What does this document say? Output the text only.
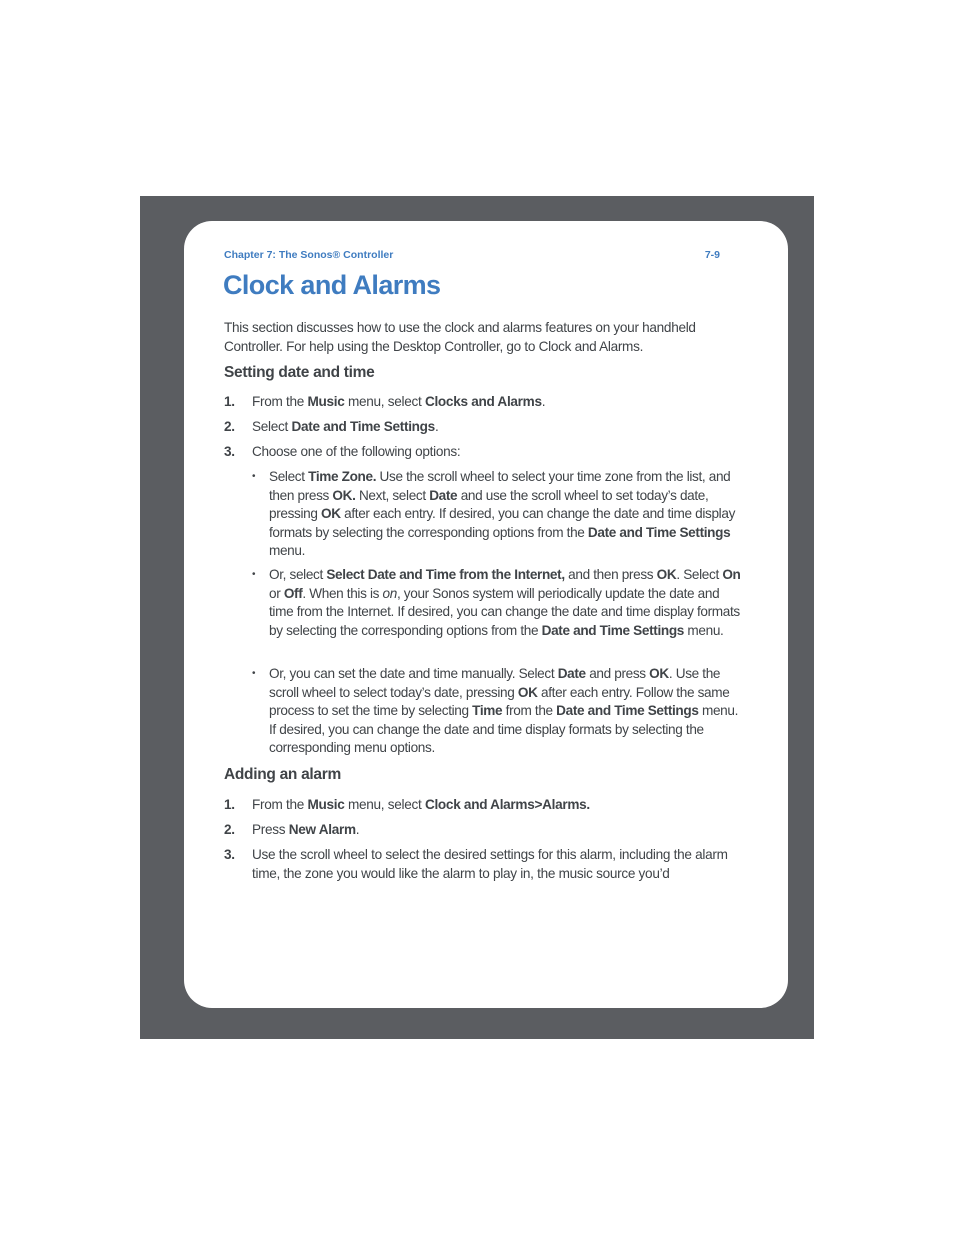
Chapter 7: The Sonos® Controller	7-9
Clock and Alarms

This section discusses how to use the clock and alarms features on your handheld Controller. For help using the Desktop Controller, go to Clock and Alarms.

Setting date and time
1. From the Music menu, select Clocks and Alarms.
2. Select Date and Time Settings.
3. Choose one of the following options:
• Select Time Zone. Use the scroll wheel to select your time zone from the list, and then press OK. Next, select Date and use the scroll wheel to set today’s date, pressing OK after each entry. If desired, you can change the date and time display formats by selecting the corresponding options from the Date and Time Settings menu.
• Or, select Select Date and Time from the Internet, and then press OK. Select On or Off. When this is on, your Sonos system will periodically update the date and time from the Internet. If desired, you can change the date and time display formats by selecting the corresponding options from the Date and Time Settings menu.
• Or, you can set the date and time manually. Select Date and press OK. Use the scroll wheel to select today’s date, pressing OK after each entry. Follow the same process to set the time by selecting Time from the Date and Time Settings menu. If desired, you can change the date and time display formats by selecting the corresponding menu options.
Adding an alarm
1. From the Music menu, select Clock and Alarms>Alarms.
2. Press New Alarm.
3. Use the scroll wheel to select the desired settings for this alarm, including the alarm time, the zone you would like the alarm to play in, the music source you’d
